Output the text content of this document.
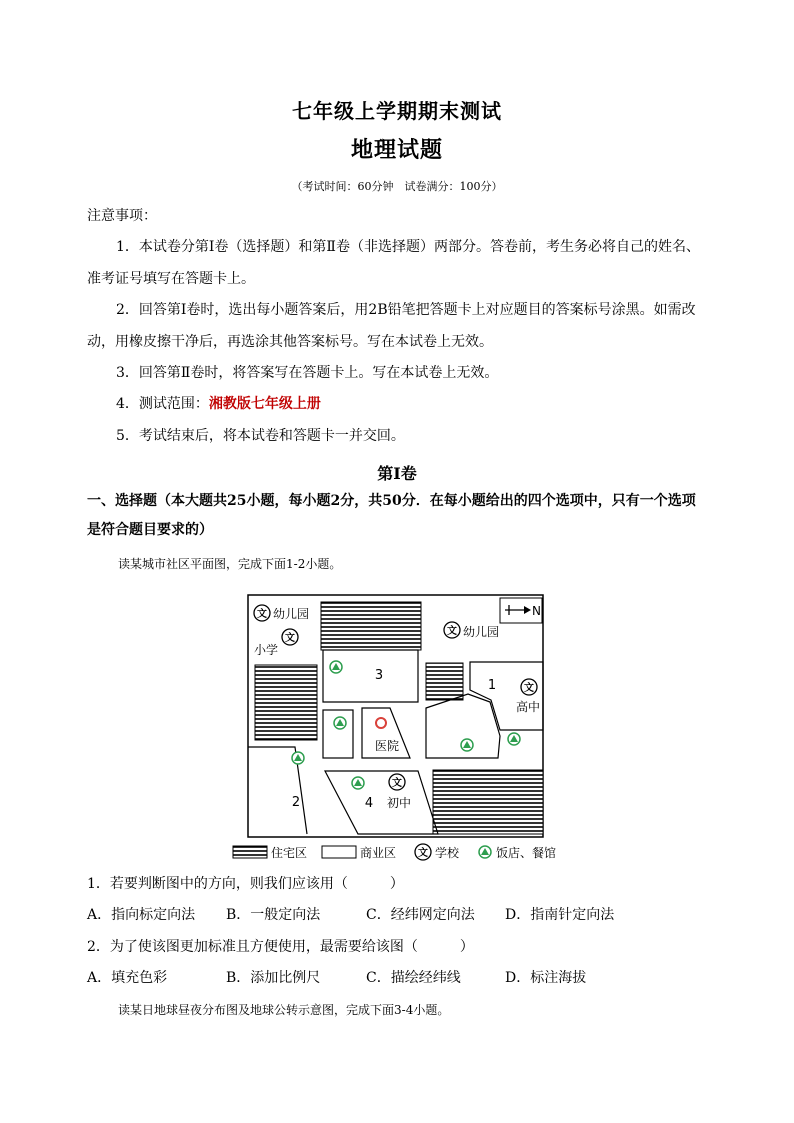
七年级上学期期末测试
地理试题
（考试时间：60分钟　试卷满分：100分）
注意事项：
1．本试卷分第Ⅰ卷（选择题）和第Ⅱ卷（非选择题）两部分。答卷前，考生务必将自己的姓名、
准考证号填写在答题卡上。
2．回答第Ⅰ卷时，选出每小题答案后，用2B铅笔把答题卡上对应题目的答案标号涂黑。如需改
动，用橡皮擦干净后，再选涂其他答案标号。写在本试卷上无效。
3．回答第Ⅱ卷时，将答案写在答题卡上。写在本试卷上无效。
4．测试范围：湘教版七年级上册
5．考试结束后，将本试卷和答题卡一并交回。
第Ⅰ卷
一、选择题（本大题共25小题，每小题2分，共50分．在每小题给出的四个选项中，只有一个选项
是符合题目要求的）
读某城市社区平面图，完成下面1-2小题。
N
文 幼儿园
文
小学
文 幼儿园
3
1	文
高中
医院
2	4
文
初中
住宅区	商业区 文 学校	饭店、餐馆
1．若要判断图中的方向，则我们应该用（　　　）
A．指向标定向法 B．一般定向法	C．经纬网定向法 D．指南针定向法
2．为了使该图更加标准且方便使用，最需要给该图（　　　）
A．填充色彩	B．添加比例尺	C．描绘经纬线	D．标注海拔
读某日地球昼夜分布图及地球公转示意图，完成下面3-4小题。
